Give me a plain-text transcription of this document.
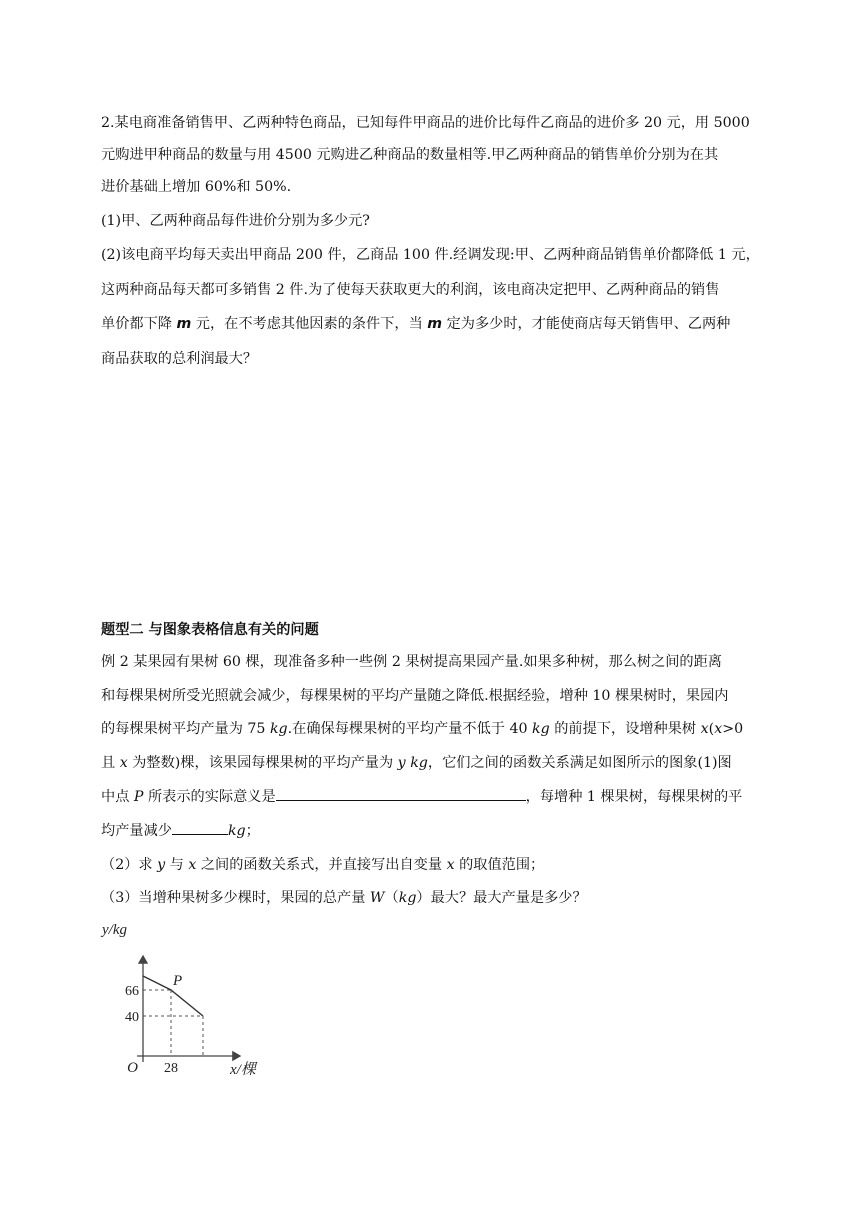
2.某电商准备销售甲、乙两种特色商品，已知每件甲商品的进价比每件乙商品的进价多 20 元，用 5000
元购进甲种商品的数量与用 4500 元购进乙种商品的数量相等.甲乙两种商品的销售单价分别为在其
进价基础上增加 60%和 50%.
(1)甲、乙两种商品每件进价分别为多少元?
(2)该电商平均每天卖出甲商品 200 件，乙商品 100 件.经调发现:甲、乙两种商品销售单价都降低 1 元，
这两种商品每天都可多销售 2 件.为了使每天获取更大的利润，该电商决定把甲、乙两种商品的销售
单价都下降 m 元，在不考虑其他因素的条件下，当 m 定为多少时，才能使商店每天销售甲、乙两种
商品获取的总利润最大？
题型二 与图象表格信息有关的问题
例 2 某果园有果树 60 棵，现准备多种一些例 2 果树提高果园产量.如果多种树，那么树之间的距离
和每棵果树所受光照就会减少，每棵果树的平均产量随之降低.根据经验，增种 10 棵果树时，果园内
的每棵果树平均产量为 75 kg.在确保每棵果树的平均产量不低于 40 kg 的前提下，设增种果树 x(x>0
且 x 为整数)棵，该果园每棵果树的平均产量为 y kg，它们之间的函数关系满足如图所示的图象(1)图
中点 P 所表示的实际意义是	，每增种 1 棵果树，每棵果树的平
均产量减少	kg；
（2）求 y 与 x 之间的函数关系式，并直接写出自变量 x 的取值范围；
（3）当增种果树多少棵时，果园的总产量 W（kg）最大？最大产量是多少？
66
40
28
O
P
y/kg
x/棵
